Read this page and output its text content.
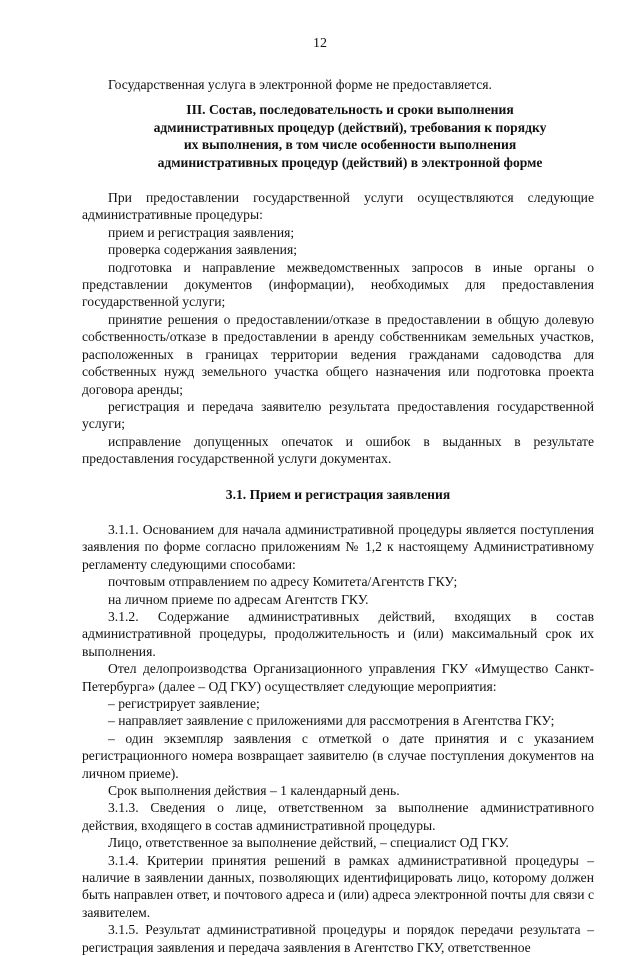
12

Государственная услуга в электронной форме не предоставляется.

III. Состав, последовательность и сроки выполнения

административных процедур (действий), требования к порядку

их выполнения, в том числе особенности выполнения

административных процедур (действий) в электронной форме

При предоставлении государственной услуги осуществляются следующие административные процедуры:

прием и регистрация заявления;

проверка содержания заявления;

подготовка и направление межведомственных запросов в иные органы о представлении документов (информации), необходимых для предоставления государственной услуги;

принятие решения о предоставлении/отказе в предоставлении в общую долевую собственность/отказе в предоставлении в аренду собственникам земельных участков, расположенных в границах территории ведения гражданами садоводства для собственных нужд земельного участка общего назначения или подготовка проекта договора аренды;

регистрация и передача заявителю результата предоставления государственной услуги;

исправление допущенных опечаток и ошибок в выданных в результате предоставления государственной услуги документах.

3.1. Прием и регистрация заявления

3.1.1. Основанием для начала административной процедуры является поступления заявления по форме согласно приложениям № 1,2 к настоящему Административному регламенту следующими способами:

почтовым отправлением по адресу Комитета/Агентств ГКУ;

на личном приеме по адресам Агентств ГКУ.

3.1.2. Содержание административных действий, входящих в состав административной процедуры, продолжительность и (или) максимальный срок их выполнения.

Отел делопроизводства Организационного управления ГКУ «Имущество Санкт-Петербурга» (далее – ОД ГКУ) осуществляет следующие мероприятия:

– регистрирует заявление;

– направляет заявление с приложениями для рассмотрения в Агентства ГКУ;

– один экземпляр заявления с отметкой о дате принятия и с указанием регистрационного номера возвращает заявителю (в случае поступления документов на личном приеме).

Срок выполнения действия – 1 календарный день.

3.1.3. Сведения о лице, ответственном за выполнение административного действия, входящего в состав административной процедуры.

Лицо, ответственное за выполнение действий, – специалист ОД ГКУ.

3.1.4. Критерии принятия решений в рамках административной процедуры – наличие в заявлении данных, позволяющих идентифицировать лицо, которому должен быть направлен ответ, и почтового адреса и (или) адреса электронной почты для связи с заявителем.

3.1.5. Результат административной процедуры и порядок передачи результата – регистрация заявления и передача заявления в Агентство ГКУ, ответственное
